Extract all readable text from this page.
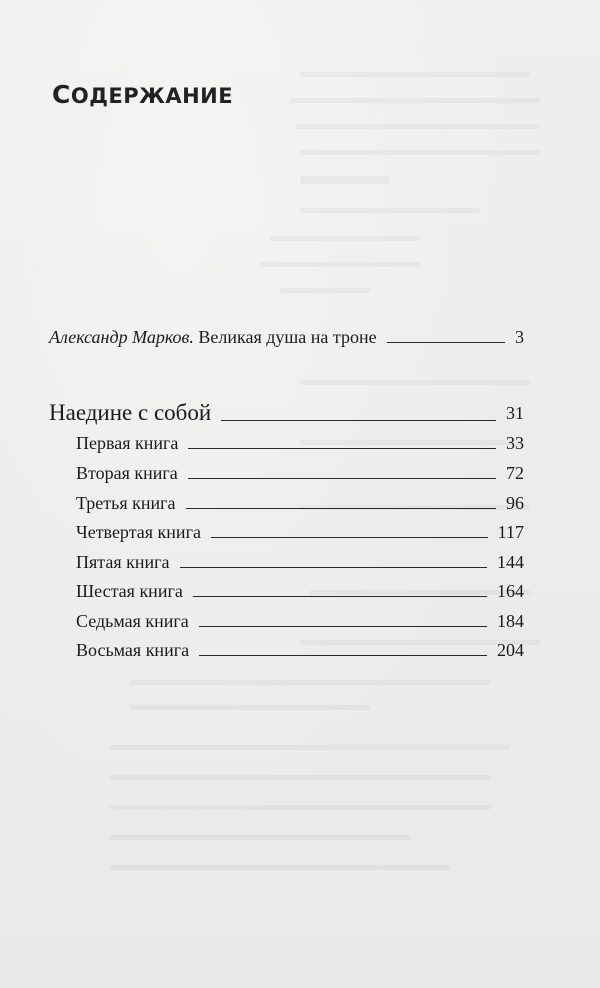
СОДЕРЖАНИЕ
Александр Марков. Великая душа на троне	3
Наедине с собой	31
Первая книга	33
Вторая книга	72
Третья книга	96
Четвертая книга	117
Пятая книга	144
Шестая книга	164
Седьмая книга	184
Восьмая книга	204
